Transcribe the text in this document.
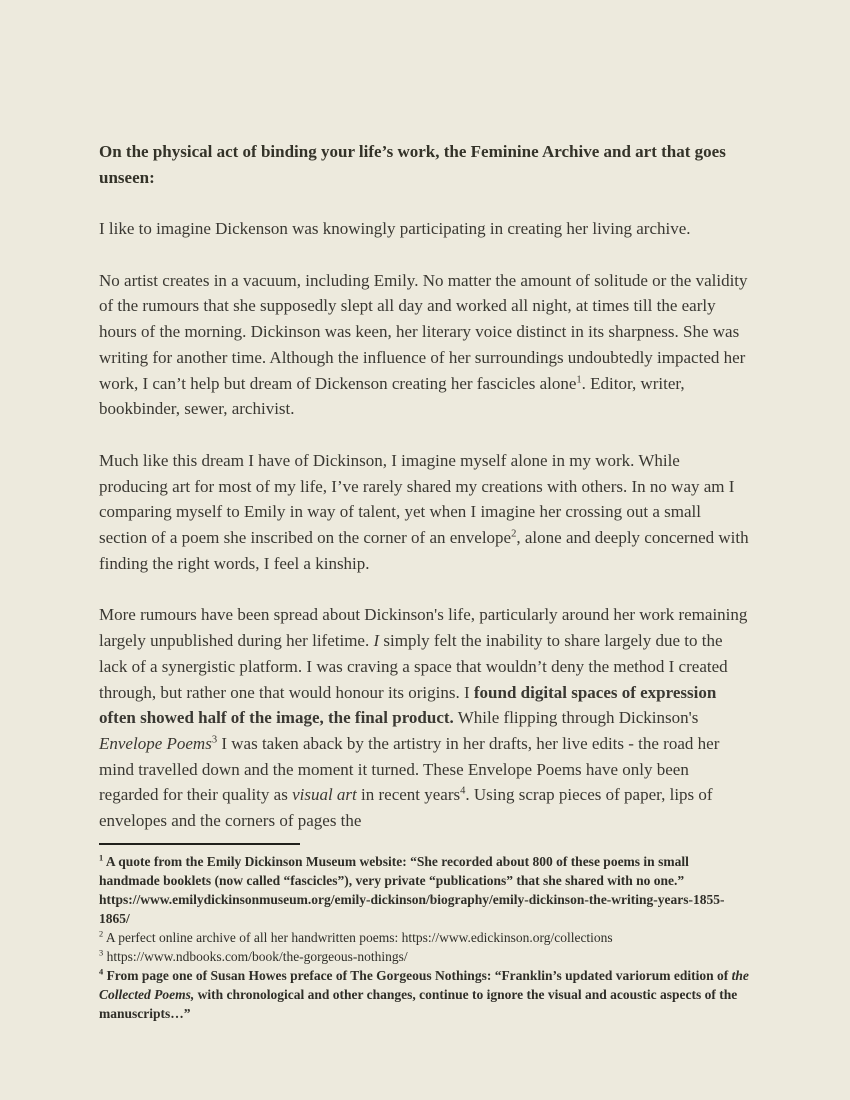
On the physical act of binding your life’s work, the Feminine Archive and art that goes unseen:

I like to imagine Dickenson was knowingly participating in creating her living archive.

No artist creates in a vacuum, including Emily. No matter the amount of solitude or the validity of the rumours that she supposedly slept all day and worked all night, at times till the early hours of the morning. Dickinson was keen, her literary voice distinct in its sharpness. She was writing for another time. Although the influence of her surroundings undoubtedly impacted her work, I can’t help but dream of Dickenson creating her fascicles alone$^1$. Editor, writer, bookbinder, sewer, archivist.

Much like this dream I have of Dickinson, I imagine myself alone in my work. While producing art for most of my life, I’ve rarely shared my creations with others. In no way am I comparing myself to Emily in way of talent, yet when I imagine her crossing out a small section of a poem she inscribed on the corner of an envelope$^2$, alone and deeply concerned with finding the right words, I feel a kinship.

More rumours have been spread about Dickinson's life, particularly around her work remaining largely unpublished during her lifetime. I simply felt the inability to share largely due to the lack of a synergistic platform. I was craving a space that wouldn’t deny the method I created through, but rather one that would honour its origins. I found digital spaces of expression often showed half of the image, the final product. While flipping through Dickinson's Envelope Poems$^3$ I was taken aback by the artistry in her drafts, her live edits - the road her mind travelled down and the moment it turned. These Envelope Poems have only been regarded for their quality as visual art in recent years$^4$. Using scrap pieces of paper, lips of envelopes and the corners of pages the

$^1$ A quote from the Emily Dickinson Museum website: “She recorded about 800 of these poems in small handmade booklets (now called “fascicles”), very private “publications” that she shared with no one.” https://www.emilydickinsonmuseum.org/emily-dickinson/biography/emily-dickinson-the-writing-years-1855-1865/

$^2$ A perfect online archive of all her handwritten poems: https://www.edickinson.org/collections

$^3$ https://www.ndbooks.com/book/the-gorgeous-nothings/

$^4$ From page one of Susan Howes preface of The Gorgeous Nothings: “Franklin’s updated variorum edition of the Collected Poems, with chronological and other changes, continue to ignore the visual and acoustic aspects of the manuscripts…”
